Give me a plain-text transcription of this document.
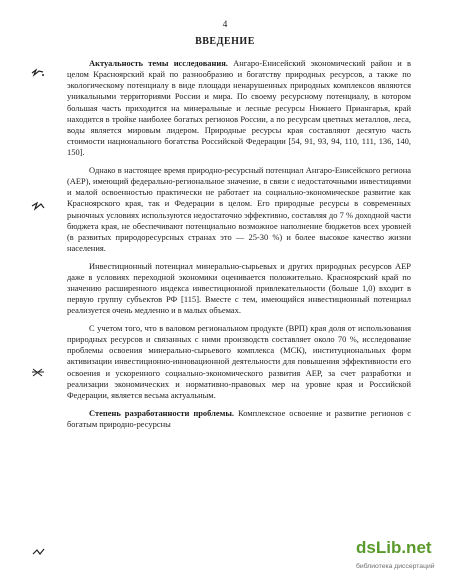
4
ВВЕДЕНИЕ

Актуальность темы исследования. Ангаро-Енисейский экономический район и в целом Красноярский край по разнообразию и богатству природных ресурсов, а также по экологическому потенциалу в виде площади ненарушенных природных комплексов являются уникальными территориями России и мира. По своему ресурсному потенциалу, в котором большая часть приходится на минеральные и лесные ресурсы Нижнего Приангарья, край находится в тройке наиболее богатых регионов России, а по ресурсам цветных металлов, леса, воды является мировым лидером. Природные ресурсы края составляют десятую часть стоимости национального богатства Российской Федерации [54, 91, 93, 94, 110, 111, 136, 140, 150].

Однако в настоящее время природно-ресурсный потенциал Ангаро-Енисейского региона (АЕР), имеющий федерально-региональное значение, в связи с недостаточными инвестициями и малой освоенностью практически не работает на социально-экономическое развитие как Красноярского края, так и Федерации в целом. Его природные ресурсы в современных рыночных условиях используются недостаточно эффективно, составляя до 7 % доходной части бюджета края, не обеспечивают потенциально возможное наполнение бюджетов всех уровней (в развитых природоресурсных странах это — 25-30 %) и более высокое качество жизни населения.

Инвестиционный потенциал минерально-сырьевых и других природных ресурсов АЕР даже в условиях переходной экономики оценивается положительно. Красноярский край по значению расширенного индекса инвестиционной привлекательности (больше 1,0) входит в первую группу субъектов РФ [115]. Вместе с тем, имеющийся инвестиционный потенциал реализуется очень медленно и в малых объемах.

С учетом того, что в валовом региональном продукте (ВРП) края доля от использования природных ресурсов и связанных с ними производств составляет около 70 %, исследование проблемы освоения минерально-сырьевого комплекса (МСК), институциональных форм активизации инвестиционно-инновационной деятельности для повышения эффективности его освоения и ускоренного социально-экономического развития АЕР, за счет разработки и реализации экономических и нормативно-правовых мер на уровне края и Российской Федерации, является весьма актуальным.

Степень разработанности проблемы. Комплексное освоение и развитие регионов с богатым природно-ресурсны

dsLib.net
библиотека диссертаций
